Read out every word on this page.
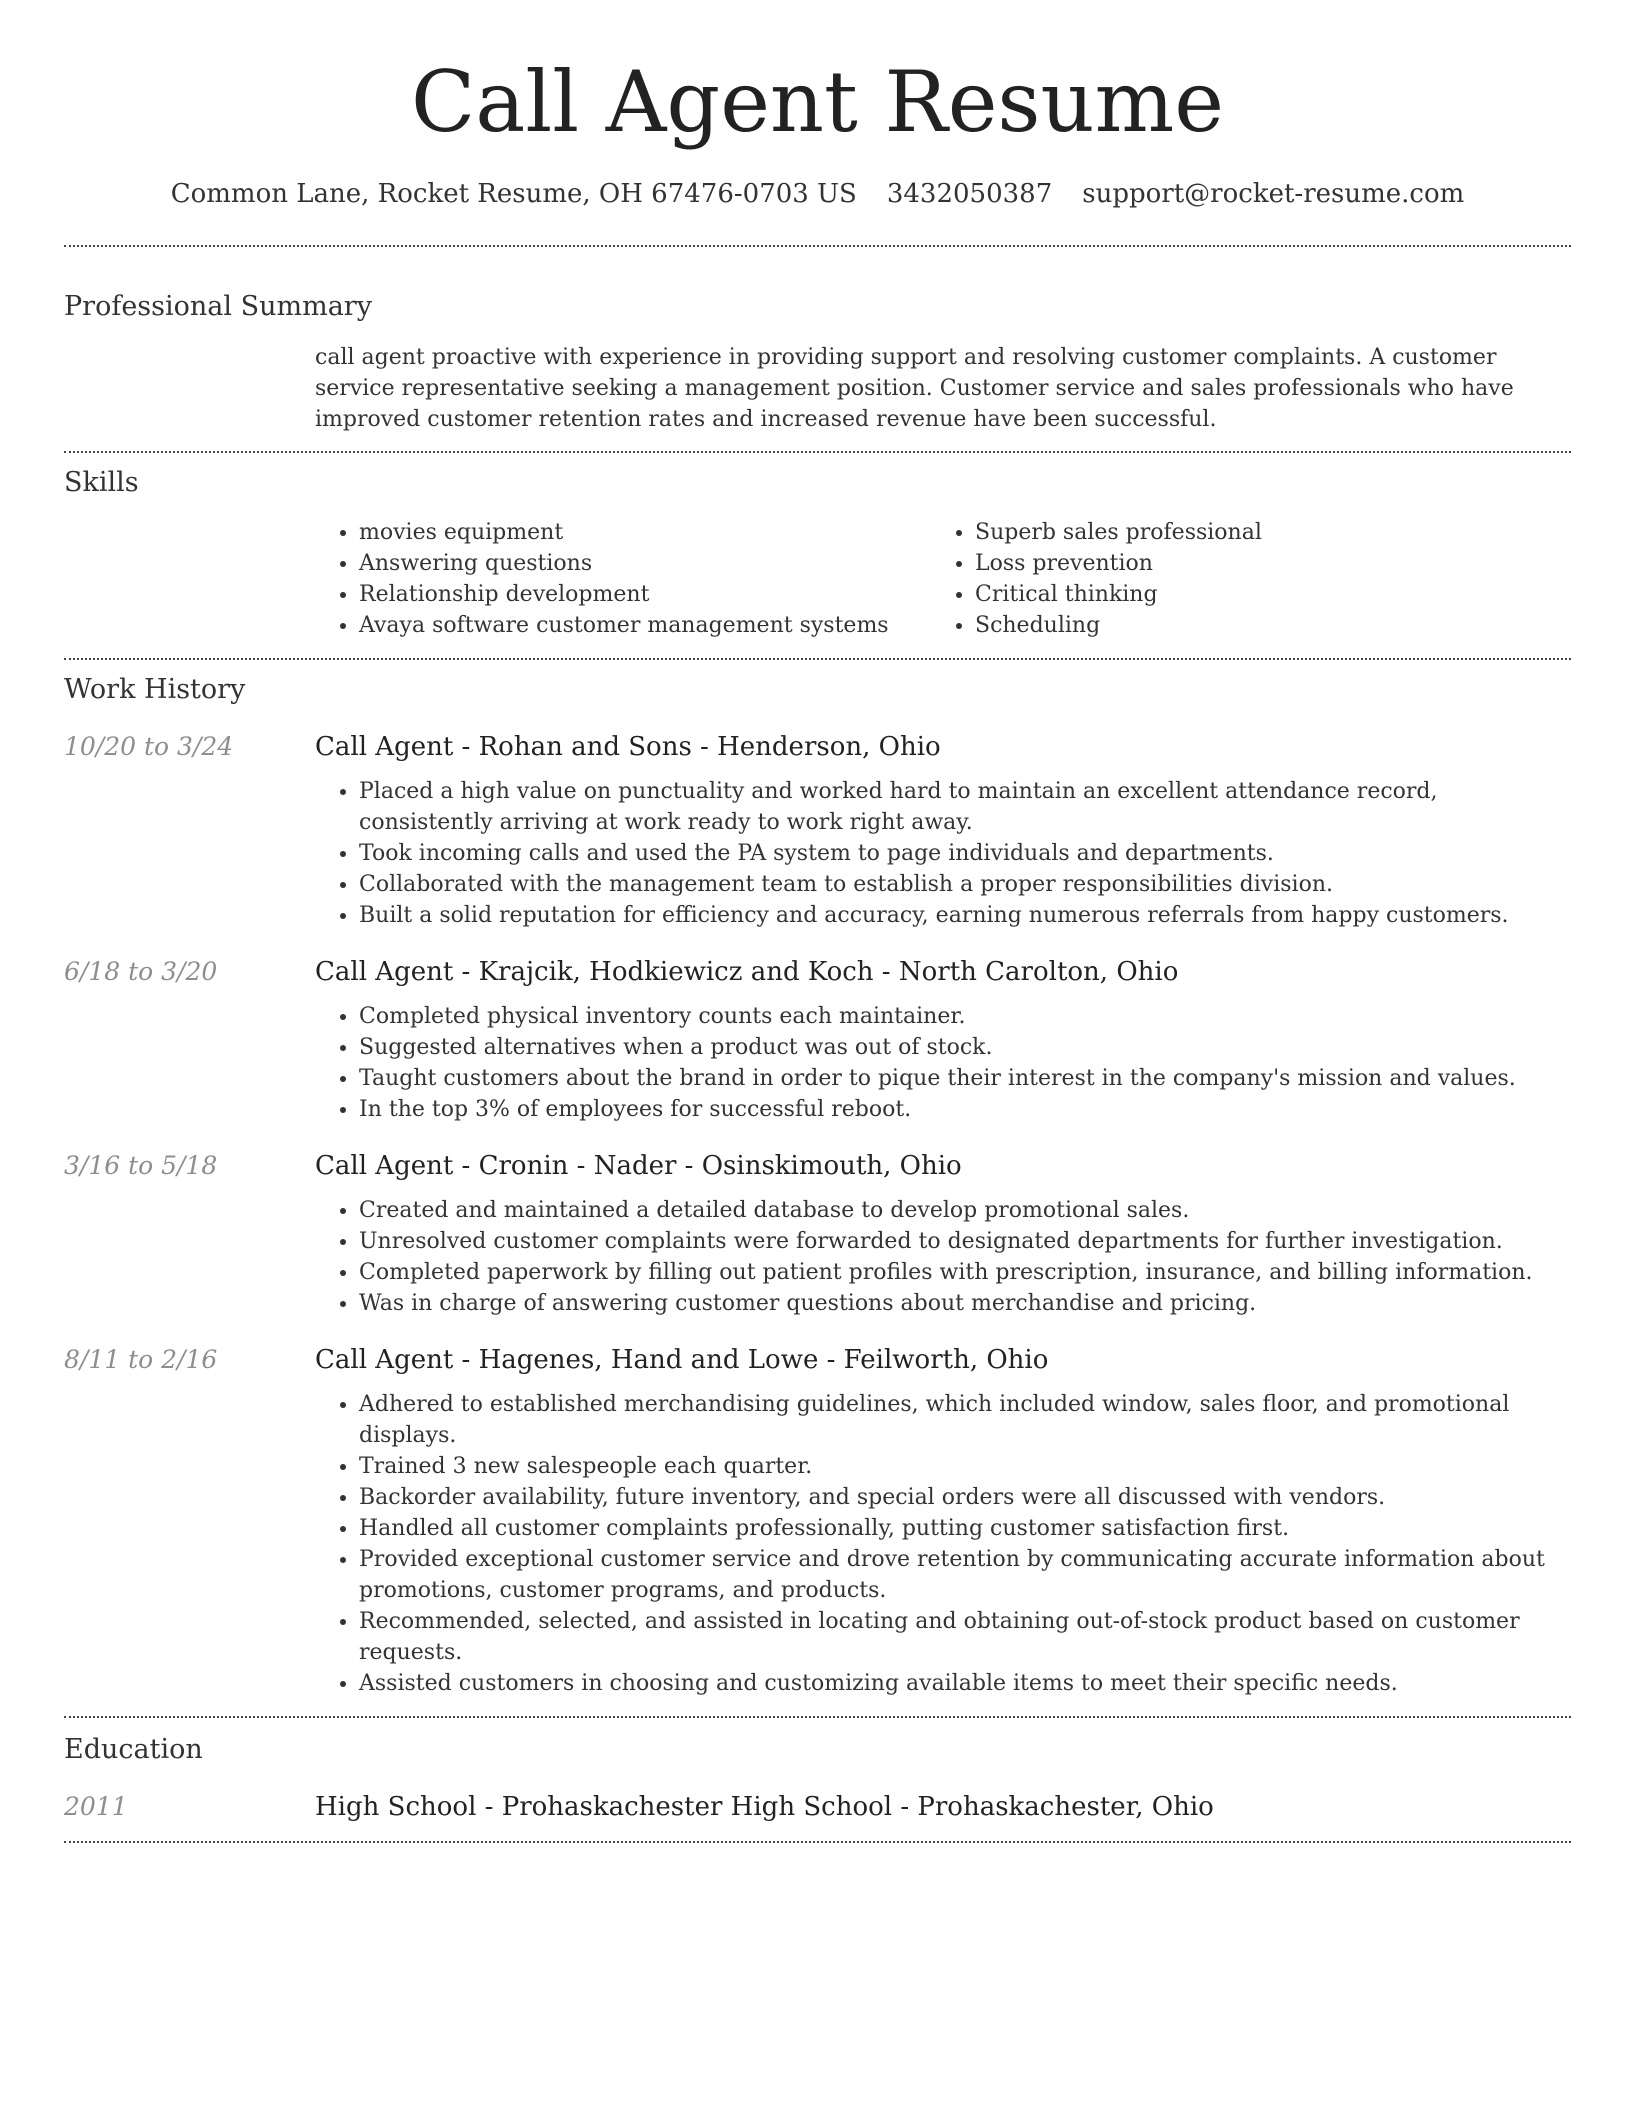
Call Agent Resume
Common Lane, Rocket Resume, OH 67476-0703 US 3432050387 support@rocket-resume.com
Professional Summary
call agent proactive with experience in providing support and resolving customer complaints. A customer service representative seeking a management position. Customer service and sales professionals who have improved customer retention rates and increased revenue have been successful.
Skills
• movies equipment
• Answering questions
• Relationship development
• Avaya software customer management systems
• Superb sales professional
• Loss prevention
• Critical thinking
• Scheduling
Work History
10/20 to 3/24	Call Agent - Rohan and Sons - Henderson, Ohio
• Placed a high value on punctuality and worked hard to maintain an excellent attendance record, consistently arriving at work ready to work right away.
• Took incoming calls and used the PA system to page individuals and departments.
• Collaborated with the management team to establish a proper responsibilities division.
• Built a solid reputation for efficiency and accuracy, earning numerous referrals from happy customers.
6/18 to 3/20	Call Agent - Krajcik, Hodkiewicz and Koch - North Carolton, Ohio
• Completed physical inventory counts each maintainer.
• Suggested alternatives when a product was out of stock.
• Taught customers about the brand in order to pique their interest in the company's mission and values.
• In the top 3% of employees for successful reboot.
3/16 to 5/18	Call Agent - Cronin - Nader - Osinskimouth, Ohio
• Created and maintained a detailed database to develop promotional sales.
• Unresolved customer complaints were forwarded to designated departments for further investigation.
• Completed paperwork by filling out patient profiles with prescription, insurance, and billing information.
• Was in charge of answering customer questions about merchandise and pricing.
8/11 to 2/16	Call Agent - Hagenes, Hand and Lowe - Feilworth, Ohio
• Adhered to established merchandising guidelines, which included window, sales floor, and promotional displays.
• Trained 3 new salespeople each quarter.
• Backorder availability, future inventory, and special orders were all discussed with vendors.
• Handled all customer complaints professionally, putting customer satisfaction first.
• Provided exceptional customer service and drove retention by communicating accurate information about promotions, customer programs, and products.
• Recommended, selected, and assisted in locating and obtaining out-of-stock product based on customer requests.
• Assisted customers in choosing and customizing available items to meet their specific needs.
Education
2011	High School - Prohaskachester High School - Prohaskachester, Ohio
